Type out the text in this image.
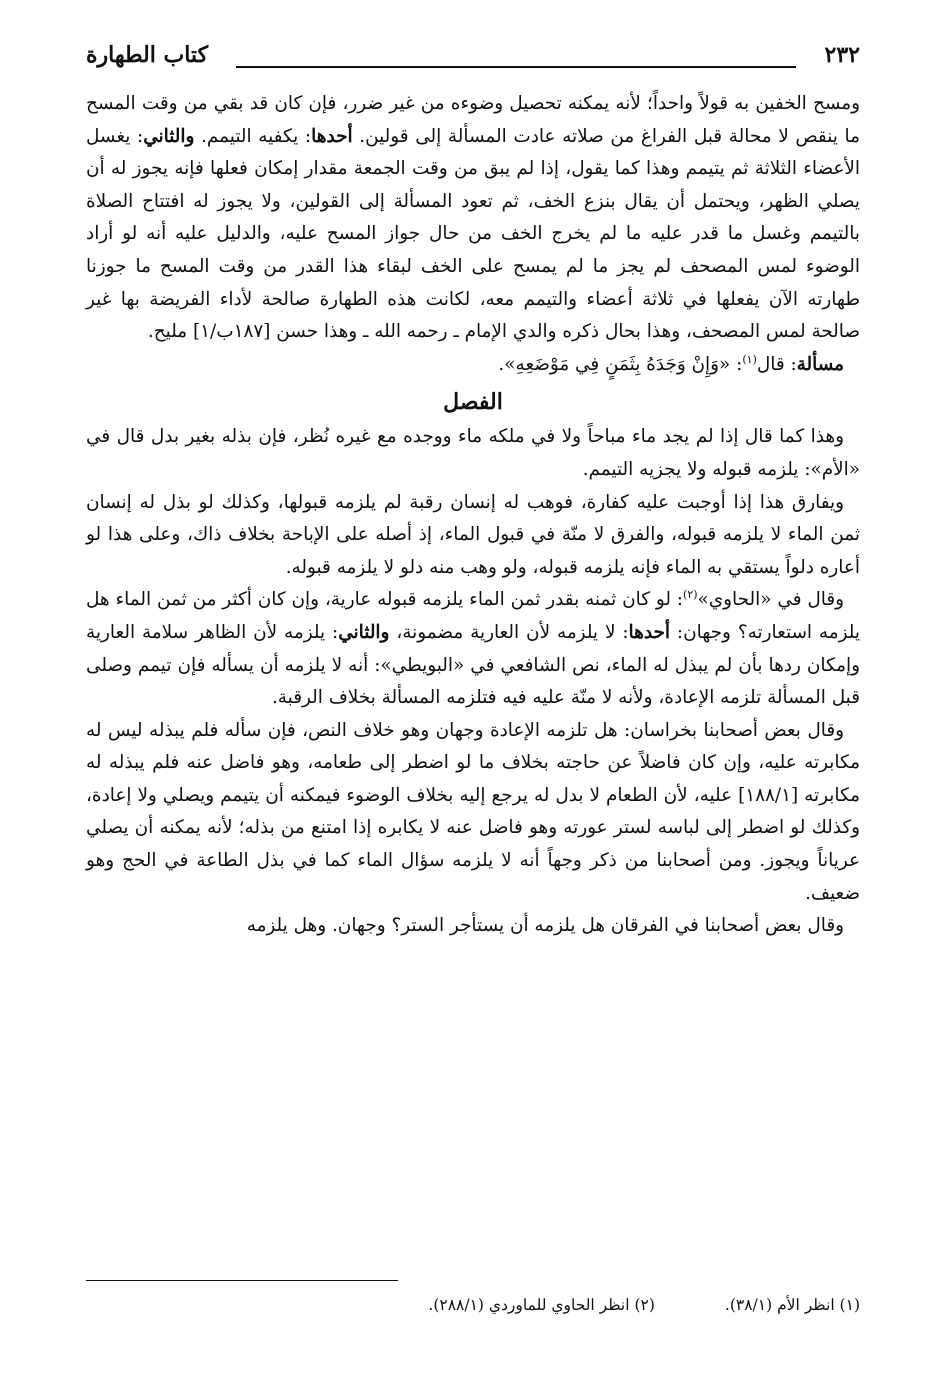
٢٣٢
كتاب الطهارة

ومسح الخفين به قولاً واحداً؛ لأنه يمكنه تحصيل وضوءه من غير ضرر، فإن كان قد بقي من وقت المسح ما ينقص لا محالة قبل الفراغ من صلاته عادت المسألة إلى قولين. أحدها: يكفيه التيمم. والثاني: يغسل الأعضاء الثلاثة ثم يتيمم وهذا كما يقول، إذا لم يبق من وقت الجمعة مقدار إمكان فعلها فإنه يجوز له أن يصلي الظهر، ويحتمل أن يقال بنزع الخف، ثم تعود المسألة إلى القولين، ولا يجوز له افتتاح الصلاة بالتيمم وغسل ما قدر عليه ما لم يخرج الخف من حال جواز المسح عليه، والدليل عليه أنه لو أراد الوضوء لمس المصحف لم يجز ما لم يمسح على الخف لبقاء هذا القدر من وقت المسح ما جوزنا طهارته الآن يفعلها في ثلاثة أعضاء والتيمم معه، لكانت هذه الطهارة صالحة لأداء الفريضة بها غير صالحة لمس المصحف، وهذا بحال ذكره والدي الإمام ـ رحمه الله ـ وهذا حسن [١٨٧ب/١] مليح.

مسألة: قال$^{(١)}$: «وَإِنْ وَجَدَهُ بِثَمَنٍ فِي مَوْضَعِهِ».

الفصل

وهذا كما قال إذا لم يجد ماء مباحاً ولا في ملكه ماء ووجده مع غيره نُظر، فإن بذله بغير بدل قال في «الأم»: يلزمه قبوله ولا يجزيه التيمم.

ويفارق هذا إذا أوجبت عليه كفارة، فوهب له إنسان رقبة لم يلزمه قبولها، وكذلك لو بذل له إنسان ثمن الماء لا يلزمه قبوله، والفرق لا منّة في قبول الماء، إذ أصله على الإباحة بخلاف ذاك، وعلى هذا لو أعاره دلواً يستقي به الماء فإنه يلزمه قبوله، ولو وهب منه دلو لا يلزمه قبوله.

وقال في «الحاوي»$^{(٢)}$: لو كان ثمنه بقدر ثمن الماء يلزمه قبوله عارية، وإن كان أكثر من ثمن الماء هل يلزمه استعارته؟ وجهان: أحدها: لا يلزمه لأن العارية مضمونة، والثاني: يلزمه لأن الظاهر سلامة العارية وإمكان ردها بأن لم يبذل له الماء، نص الشافعي في «البويطي»: أنه لا يلزمه أن يسأله فإن تيمم وصلى قبل المسألة تلزمه الإعادة، ولأنه لا منّة عليه فيه فتلزمه المسألة بخلاف الرقبة.

وقال بعض أصحابنا بخراسان: هل تلزمه الإعادة وجهان وهو خلاف النص، فإن سأله فلم يبذله ليس له مكابرته عليه، وإن كان فاضلاً عن حاجته بخلاف ما لو اضطر إلى طعامه، وهو فاضل عنه فلم يبذله له مكابرته [١٨٨/١] عليه، لأن الطعام لا بدل له يرجع إليه بخلاف الوضوء فيمكنه أن يتيمم ويصلي ولا إعادة، وكذلك لو اضطر إلى لباسه لستر عورته وهو فاضل عنه لا يكابره إذا امتنع من بذله؛ لأنه يمكنه أن يصلي عرياناً ويجوز. ومن أصحابنا من ذكر وجهاً أنه لا يلزمه سؤال الماء كما في بذل الطاعة في الحج وهو ضعيف.

وقال بعض أصحابنا في الفرقان هل يلزمه أن يستأجر الستر؟ وجهان. وهل يلزمه

(١) انظر الأم (٣٨/١).
(٢) انظر الحاوي للماوردي (٢٨٨/١).
